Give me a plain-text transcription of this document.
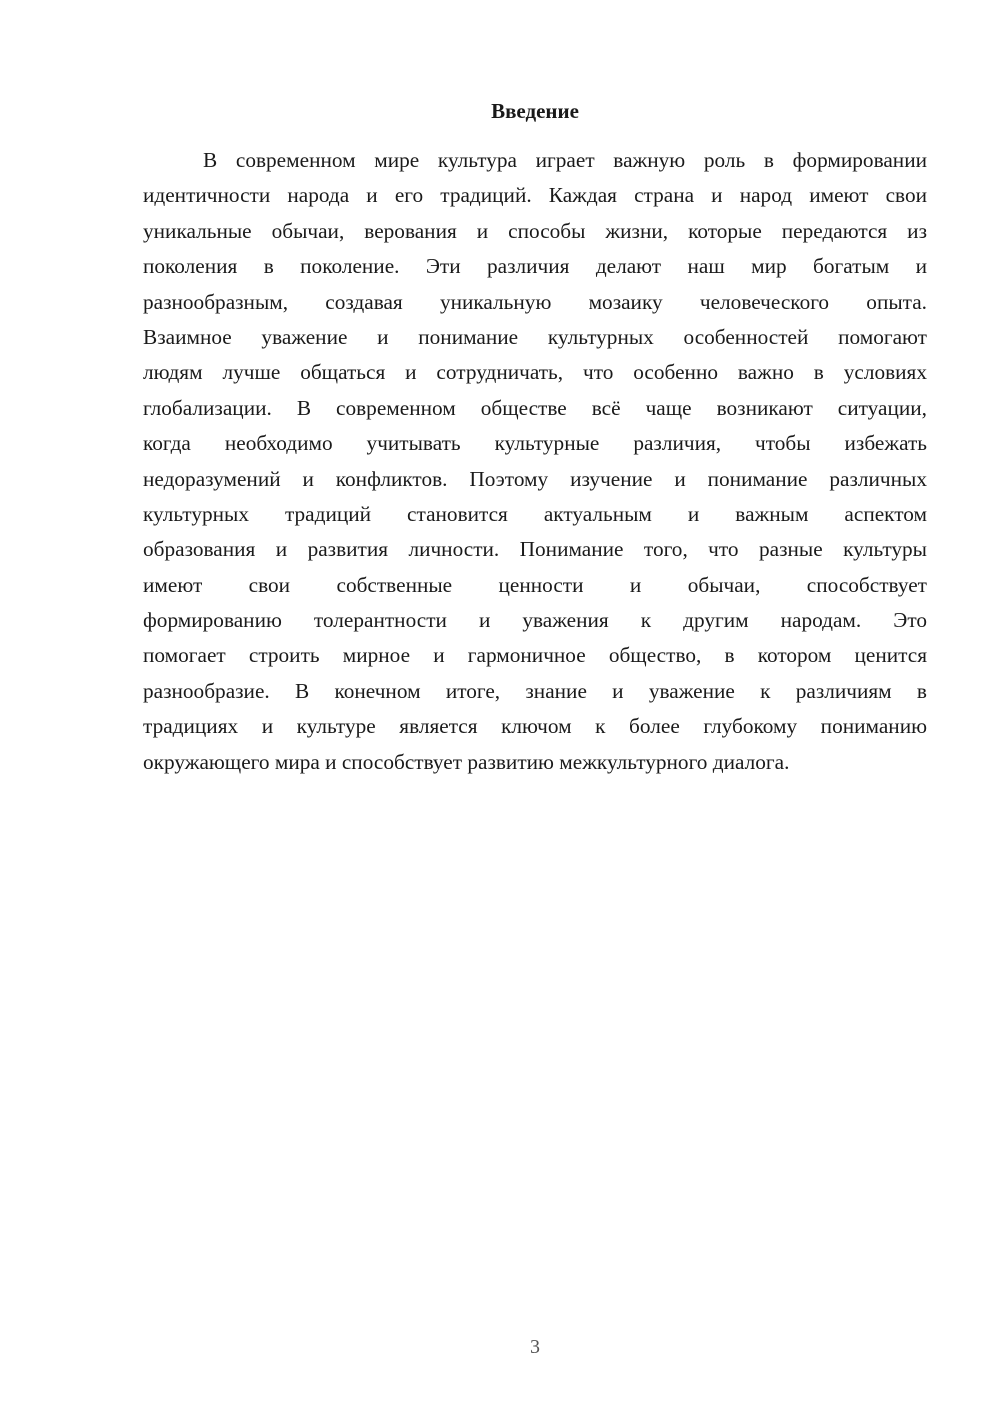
Введение
В современном мире культура играет важную роль в формировании
идентичности народа и его традиций. Каждая страна и народ имеют свои
уникальные обычаи, верования и способы жизни, которые передаются из
поколения в поколение. Эти различия делают наш мир богатым и
разнообразным, создавая уникальную мозаику человеческого опыта.
Взаимное уважение и понимание культурных особенностей помогают
людям лучше общаться и сотрудничать, что особенно важно в условиях
глобализации. В современном обществе всё чаще возникают ситуации,
когда необходимо учитывать культурные различия, чтобы избежать
недоразумений и конфликтов. Поэтому изучение и понимание различных
культурных традиций становится актуальным и важным аспектом
образования и развития личности. Понимание того, что разные культуры
имеют свои собственные ценности и обычаи, способствует
формированию толерантности и уважения к другим народам. Это
помогает строить мирное и гармоничное общество, в котором ценится
разнообразие. В конечном итоге, знание и уважение к различиям в
традициях и культуре является ключом к более глубокому пониманию
окружающего мира и способствует развитию межкультурного диалога.
3
